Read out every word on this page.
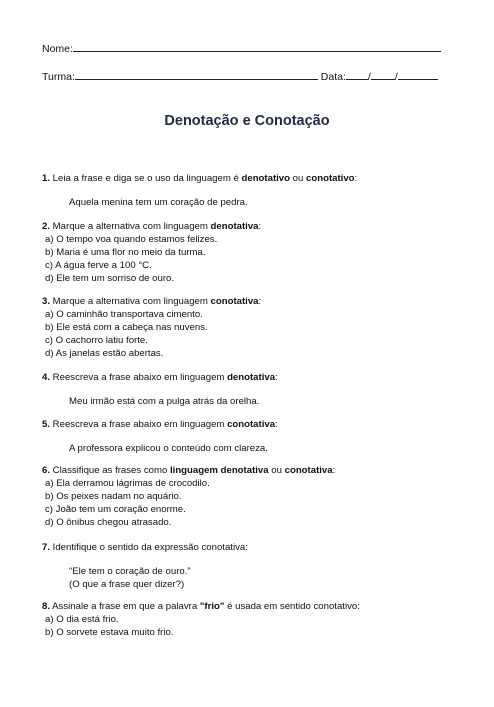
Nome:
Turma:	Data: / /
Denotação e Conotação
1. Leia a frase e diga se o uso da linguagem é denotativo ou conotativo:
Aquela menina tem um coração de pedra.
2. Marque a alternativa com linguagem denotativa:
a) O tempo voa quando estamos felizes.
b) Maria é uma flor no meio da turma.
c) A água ferve a 100 °C.
d) Ele tem um sorriso de ouro.
3. Marque a alternativa com linguagem conotativa:
a) O caminhão transportava cimento.
b) Ele está com a cabeça nas nuvens.
c) O cachorro latiu forte.
d) As janelas estão abertas.
4. Reescreva a frase abaixo em linguagem denotativa:
Meu irmão está com a pulga atrás da orelha.
5. Reescreva a frase abaixo em linguagem conotativa:
A professora explicou o conteúdo com clareza.
6. Classifique as frases como linguagem denotativa ou conotativa:
a) Ela derramou lágrimas de crocodilo.
b) Os peixes nadam no aquário.
c) João tem um coração enorme.
d) O ônibus chegou atrasado.
7. Identifique o sentido da expressão conotativa:
“Ele tem o coração de ouro.”
(O que a frase quer dizer?)
8. Assinale a frase em que a palavra "frio" é usada em sentido conotativo:
a) O dia está frio.
b) O sorvete estava muito frio.
